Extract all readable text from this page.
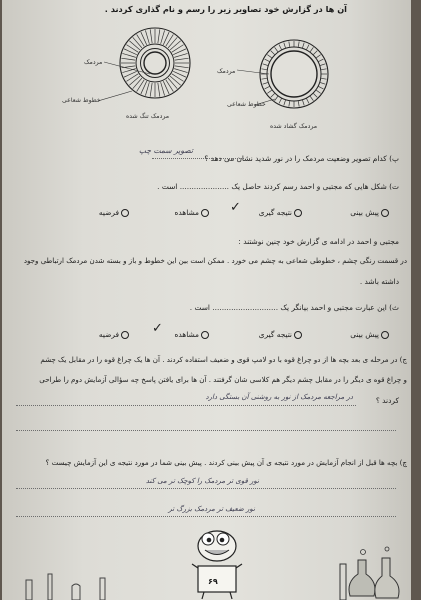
آن ها در گزارش خود تصاویر زیر را رسم و نام گذاری کردند .
مردمک
خطوط شعاعی
مردمک تنگ شده
مردمک
خطوط شعاعی
مردمک گشاد شده
پ) کدام تصویر وضعیت مردمک را در نور شدید نشان می دهد ؟
تصویر سمت چپ
ت) شکل هایی که مجتبی و احمد رسم کردند حاصل یک ..................... است .
پیش بینی
نتیجه گیری
مشاهده	✓
فرضیه
مجتبی و احمد در ادامه ی گزارش خود چنین نوشتند :
در قسمت رنگی چشم ، خطوطی شعاعی به چشم می خورد . ممکن است بین این خطوط و باز و بسته شدن مردمک ارتباطی وجود
داشته باشد .
ث) این عبارت مجتبی و احمد بیانگر یک ............................ است .
پیش بینی
نتیجه گیری
مشاهده
فرضیه	✓
ج) در مرحله ی بعد بچه ها از دو چراغ قوه با دو لامپ قوی و ضعیف استفاده کردند . آن ها یک چراغ قوه را در مقابل یک چشم
و چراغ قوه ی دیگر را در مقابل چشم دیگر هم کلاسی شان گرفتند . آن ها برای یافتن پاسخ چه سؤالی آزمایش دوم را طراحی
کردند ؟
در مراجعه مردمک از نور به روشنی آن بستگی دارد
چ) بچه ها قبل از انجام آزمایش در مورد نتیجه ی آن پیش بینی کردند . پیش بینی شما در مورد نتیجه ی این آزمایش چیست ؟
نور قوی تر مردمک را کوچک تر می کند
نور ضعیف تر مردمک بزرگ تر
۶۹
